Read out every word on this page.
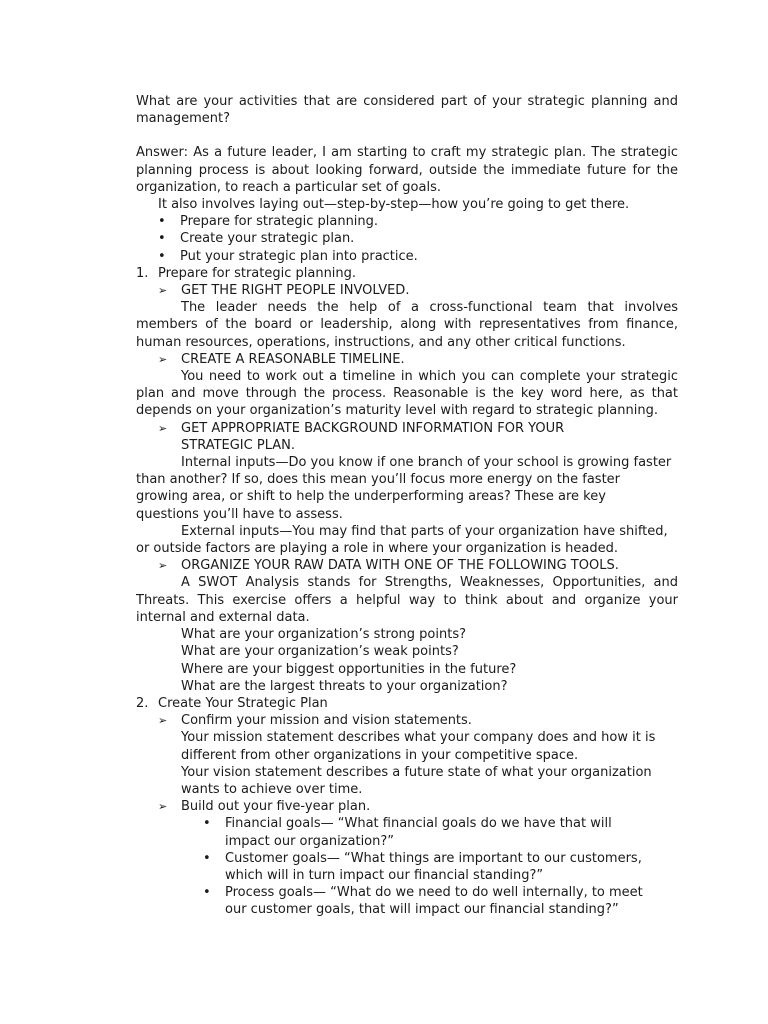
What are your activities that are considered part of your strategic planning and management?

Answer: As a future leader, I am starting to craft my strategic plan. The strategic planning process is about looking forward, outside the immediate future for the organization, to reach a particular set of goals.

It also involves laying out—step-by-step—how you’re going to get there.

•	Prepare for strategic planning.
•	Create your strategic plan.
•	Put your strategic plan into practice.
1. Prepare for strategic planning.
➢	GET THE RIGHT PEOPLE INVOLVED.

The leader needs the help of a cross-functional team that involves members of the board or leadership, along with representatives from finance, human resources, operations, instructions, and any other critical functions.

➢	CREATE A REASONABLE TIMELINE.

You need to work out a timeline in which you can complete your strategic plan and move through the process. Reasonable is the key word here, as that depends on your organization’s maturity level with regard to strategic planning.

➢	GET APPROPRIATE BACKGROUND INFORMATION FOR YOUR STRATEGIC PLAN.

Internal inputs—Do you know if one branch of your school is growing faster than another? If so, does this mean you’ll focus more energy on the faster growing area, or shift to help the underperforming areas? These are key questions you’ll have to assess.

External inputs—You may find that parts of your organization have shifted, or outside factors are playing a role in where your organization is headed.

➢	ORGANIZE YOUR RAW DATA WITH ONE OF THE FOLLOWING TOOLS.

A SWOT Analysis stands for Strengths, Weaknesses, Opportunities, and Threats. This exercise offers a helpful way to think about and organize your internal and external data.

What are your organization’s strong points?

What are your organization’s weak points?

Where are your biggest opportunities in the future?

What are the largest threats to your organization?

2. Create Your Strategic Plan
➢	Confirm your mission and vision statements.

Your mission statement describes what your company does and how it is different from other organizations in your competitive space.

Your vision statement describes a future state of what your organization wants to achieve over time.

➢	Build out your five-year plan.
•	Financial goals— “What financial goals do we have that will impact our organization?”
•	Customer goals— “What things are important to our customers, which will in turn impact our financial standing?”
•	Process goals— “What do we need to do well internally, to meet our customer goals, that will impact our financial standing?”
